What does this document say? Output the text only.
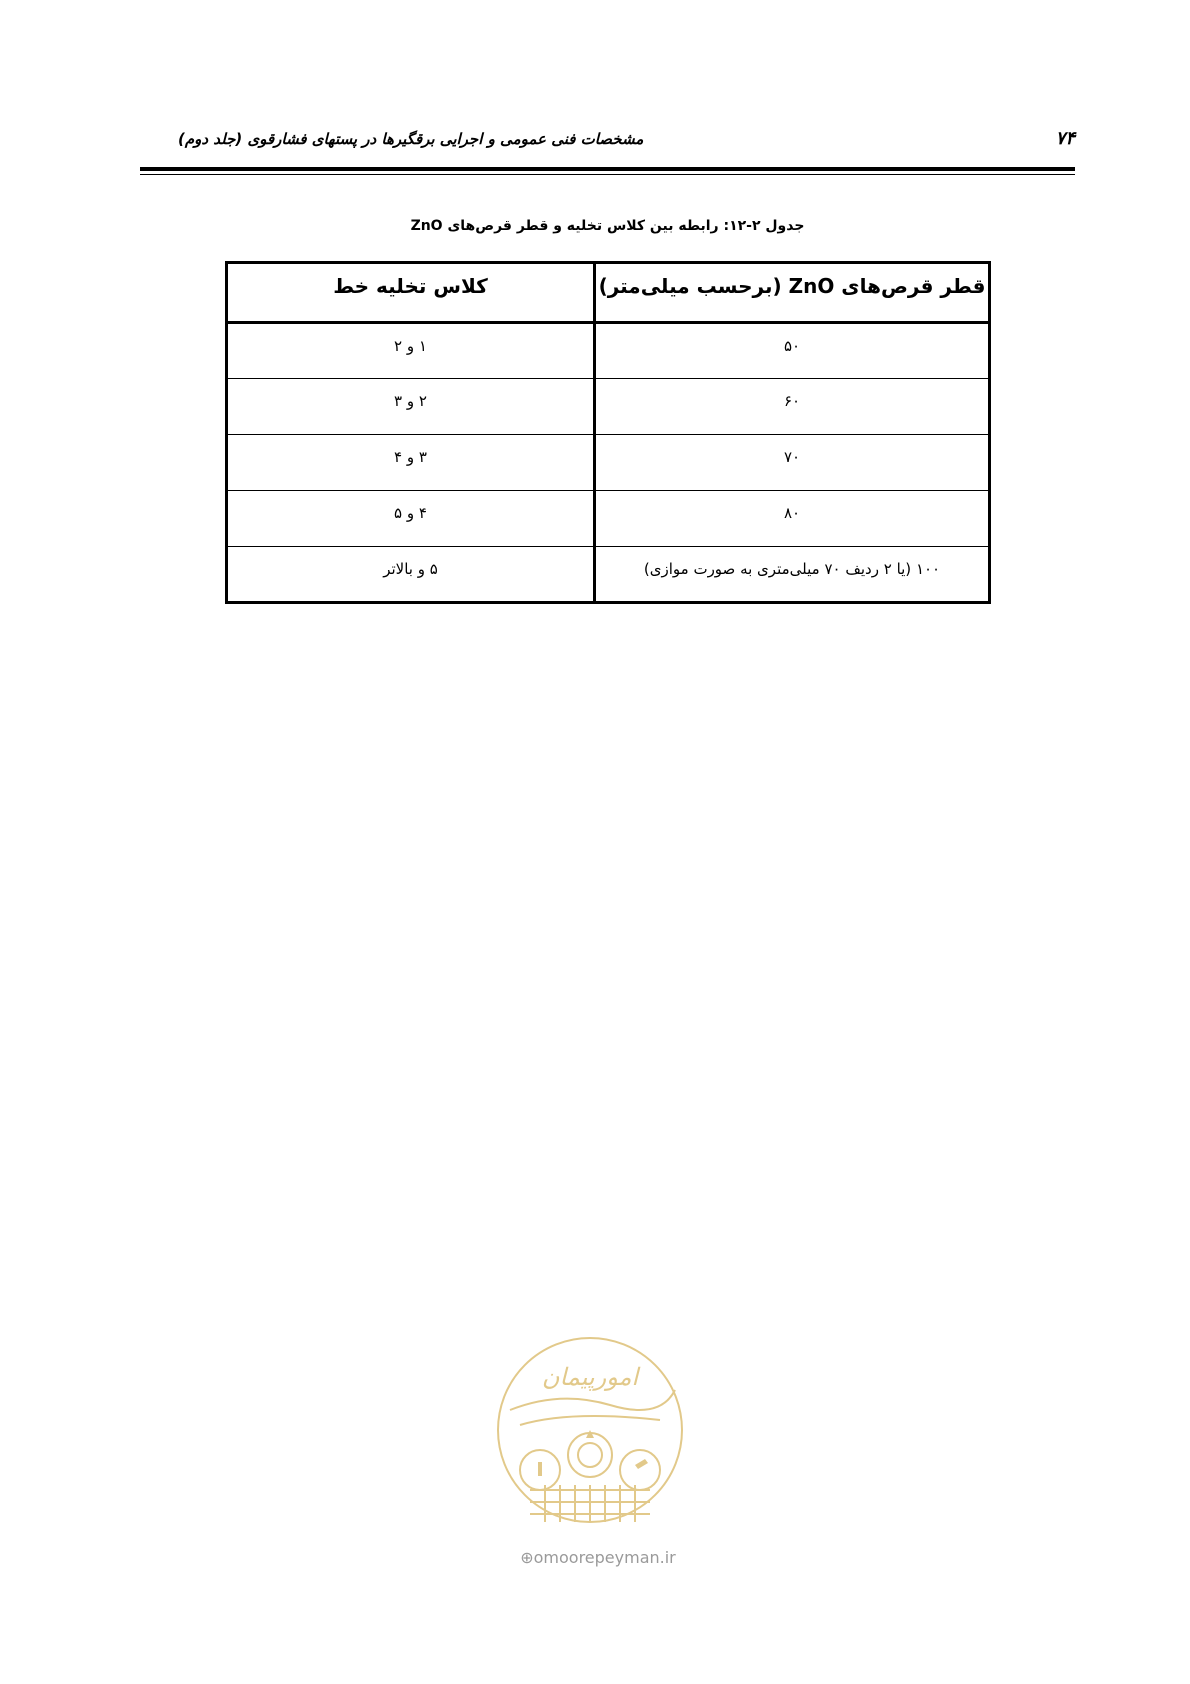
۷۴
مشخصات فنی عمومی و اجرایی برقگیرها در پستهای فشارقوی (جلد دوم)
جدول ۲-۱۲: رابطه بین کلاس تخلیه و قطر قرص‌های ZnO
قطر قرص‌های ZnO (برحسب میلی‌متر)	کلاس تخلیه خط
۵۰	۱ و ۲
۶۰	۲ و ۳
۷۰	۳ و ۴
۸۰	۴ و ۵
۱۰۰ (یا ۲ ردیف ۷۰ میلی‌متری به صورت موازی)	۵ و بالاتر
امورپیمان
⊕omoorepeyman.ir
